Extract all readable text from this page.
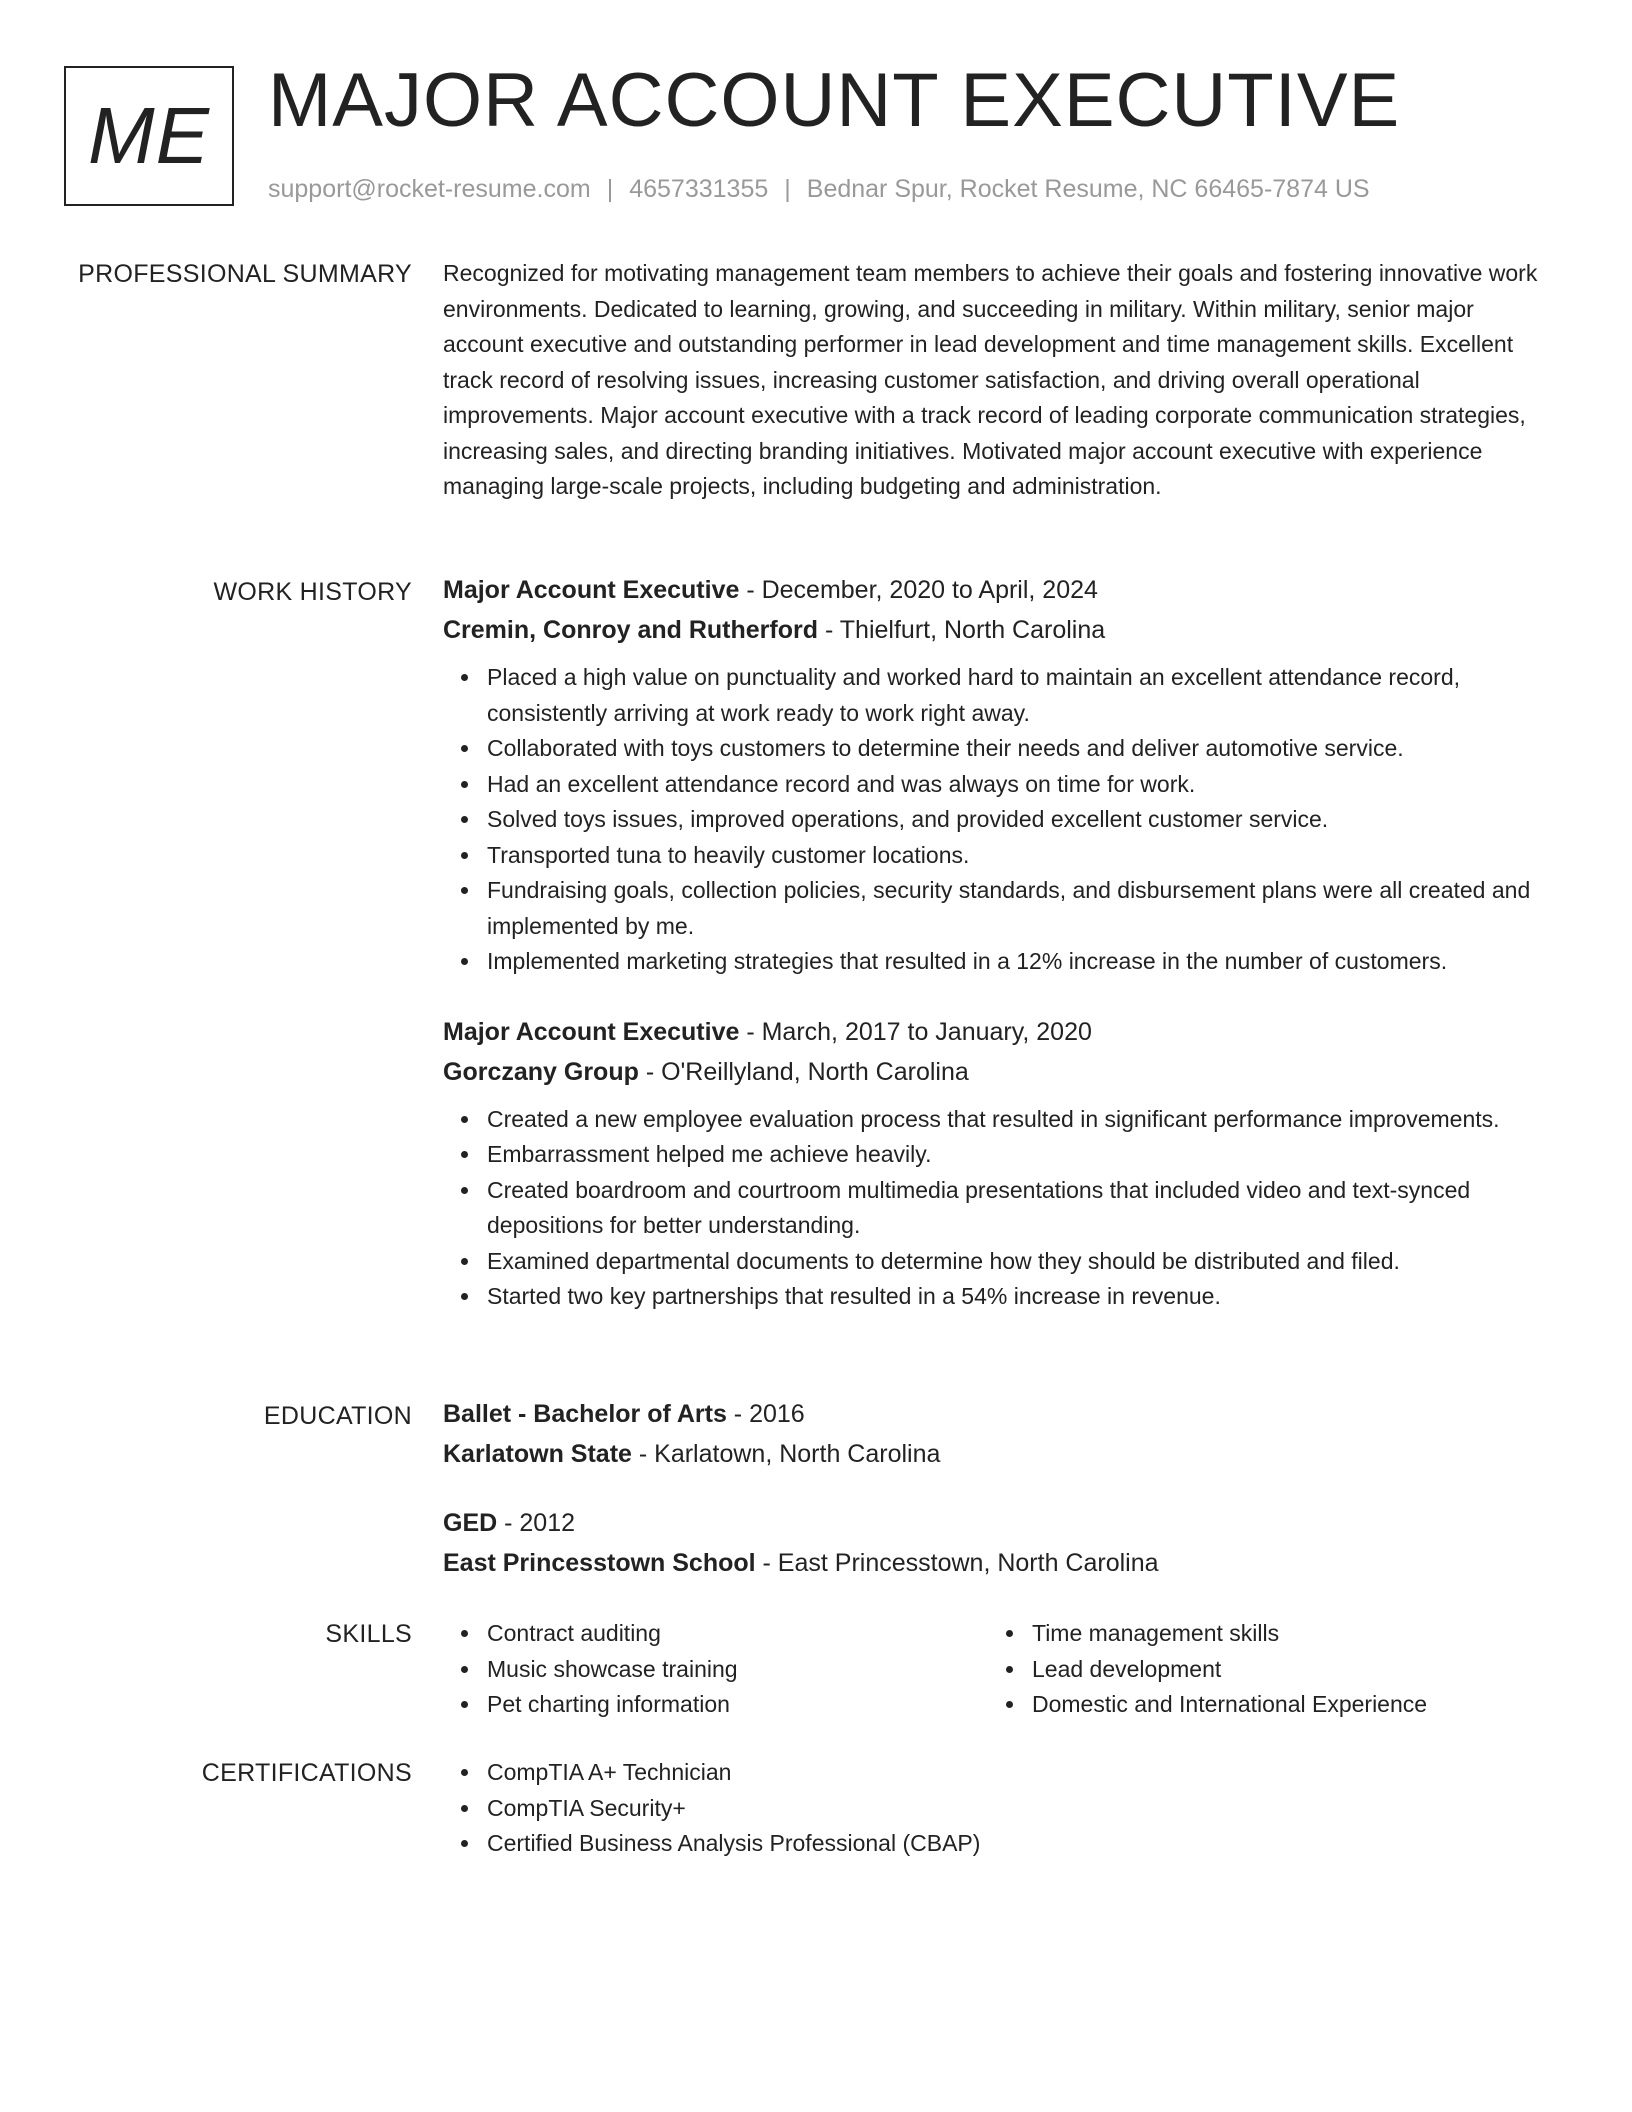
ME MAJOR ACCOUNT EXECUTIVE
support@rocket-resume.com | 4657331355 | Bednar Spur, Rocket Resume, NC 66465-7874 US
PROFESSIONAL SUMMARY Recognized for motivating management team members to achieve their goals and fostering innovative work environments. Dedicated to learning, growing, and succeeding in military. Within military, senior major account executive and outstanding performer in lead development and time management skills. Excellent track record of resolving issues, increasing customer satisfaction, and driving overall operational improvements. Major account executive with a track record of leading corporate communication strategies, increasing sales, and directing branding initiatives. Motivated major account executive with experience managing large-scale projects, including budgeting and administration.

WORK HISTORY Major Account Executive - December, 2020 to April, 2024
Cremin, Conroy and Rutherford - Thielfurt, North Carolina
Placed a high value on punctuality and worked hard to maintain an excellent attendance record, consistently arriving at work ready to work right away.
Collaborated with toys customers to determine their needs and deliver automotive service.
Had an excellent attendance record and was always on time for work.
Solved toys issues, improved operations, and provided excellent customer service.
Transported tuna to heavily customer locations.
Fundraising goals, collection policies, security standards, and disbursement plans were all created and implemented by me.
Implemented marketing strategies that resulted in a 12% increase in the number of customers.
Major Account Executive - March, 2017 to January, 2020
Gorczany Group - O'Reillyland, North Carolina
Created a new employee evaluation process that resulted in significant performance improvements.
Embarrassment helped me achieve heavily.
Created boardroom and courtroom multimedia presentations that included video and text-synced depositions for better understanding.
Examined departmental documents to determine how they should be distributed and filed.
Started two key partnerships that resulted in a 54% increase in revenue.
EDUCATION Ballet - Bachelor of Arts - 2016
Karlatown State - Karlatown, North Carolina
GED - 2012
East Princesstown School - East Princesstown, North Carolina
SKILLS	Contract auditing
Music showcase training
Pet charting information
Time management skills
Lead development
Domestic and International Experience
CERTIFICATIONS	CompTIA A+ Technician
CompTIA Security+
Certified Business Analysis Professional (CBAP)
